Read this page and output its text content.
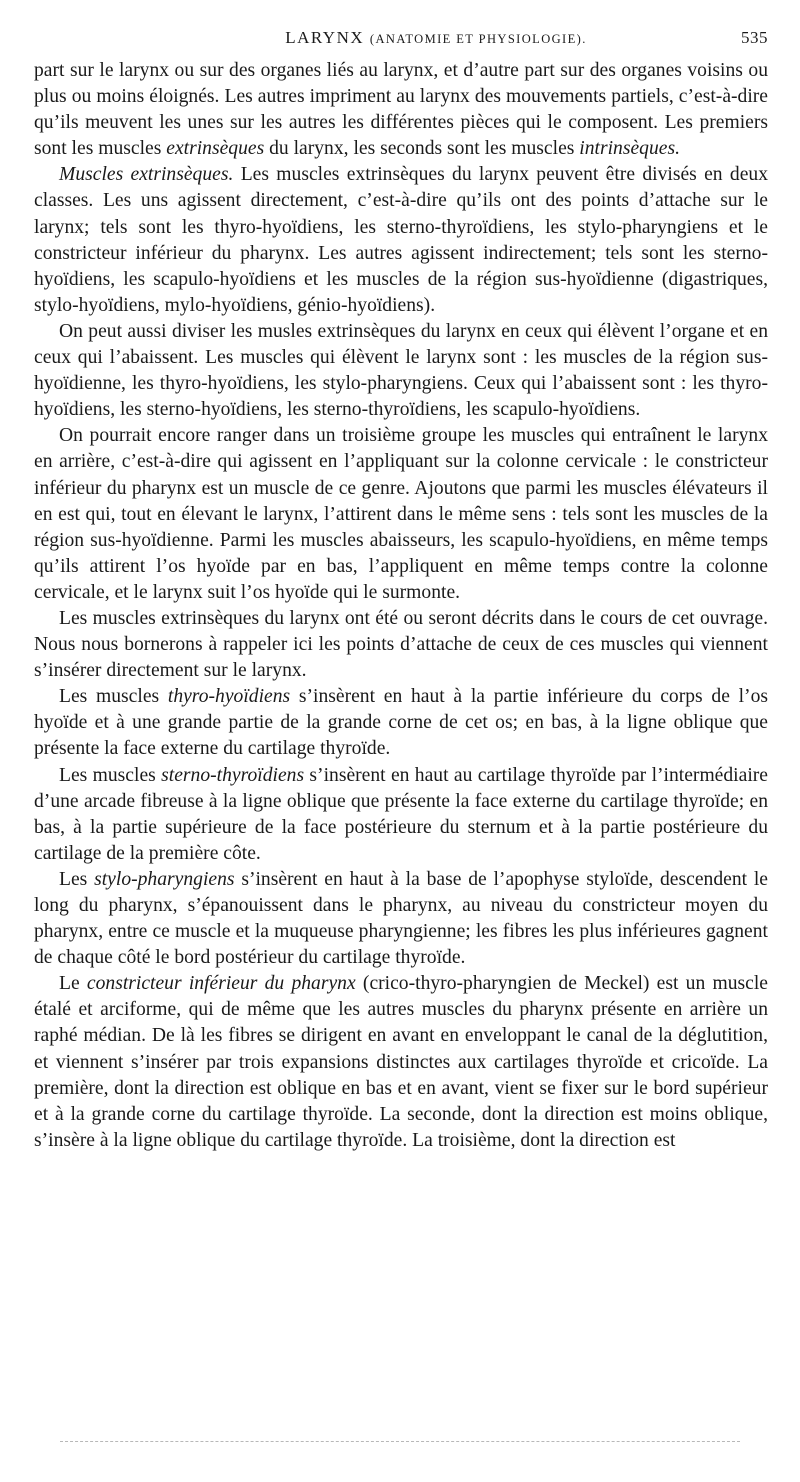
LARYNX (ANATOMIE ET PHYSIOLOGIE).	535

part sur le larynx ou sur des organes liés au larynx, et d’autre part sur des organes voisins ou plus ou moins éloignés. Les autres impriment au larynx des mouvements partiels, c’est-à-dire qu’ils meuvent les unes sur les autres les différentes pièces qui le composent. Les premiers sont les muscles extrinsèques du larynx, les seconds sont les muscles intrinsèques.

Muscles extrinsèques. Les muscles extrinsèques du larynx peuvent être divisés en deux classes. Les uns agissent directement, c’est-à-dire qu’ils ont des points d’attache sur le larynx; tels sont les thyro-hyoïdiens, les sterno-thyroïdiens, les stylo-pharyngiens et le constricteur inférieur du pharynx. Les autres agissent indirectement; tels sont les sterno-hyoïdiens, les scapulo-hyoïdiens et les muscles de la région sus-hyoïdienne (digastriques, stylo-hyoïdiens, mylo-hyoïdiens, génio-hyoïdiens).

On peut aussi diviser les musles extrinsèques du larynx en ceux qui élèvent l’organe et en ceux qui l’abaissent. Les muscles qui élèvent le larynx sont : les muscles de la région sus-hyoïdienne, les thyro-hyoïdiens, les stylo-pharyngiens. Ceux qui l’abaissent sont : les thyro-hyoïdiens, les sterno-hyoïdiens, les sterno-thyroïdiens, les scapulo-hyoïdiens.

On pourrait encore ranger dans un troisième groupe les muscles qui entraînent le larynx en arrière, c’est-à-dire qui agissent en l’appliquant sur la colonne cervicale : le constricteur inférieur du pharynx est un muscle de ce genre. Ajoutons que parmi les muscles élévateurs il en est qui, tout en élevant le larynx, l’attirent dans le même sens : tels sont les muscles de la région sus-hyoïdienne. Parmi les muscles abaisseurs, les scapulo-hyoïdiens, en même temps qu’ils attirent l’os hyoïde par en bas, l’appliquent en même temps contre la colonne cervicale, et le larynx suit l’os hyoïde qui le surmonte.

Les muscles extrinsèques du larynx ont été ou seront décrits dans le cours de cet ouvrage. Nous nous bornerons à rappeler ici les points d’attache de ceux de ces muscles qui viennent s’insérer directement sur le larynx.

Les muscles thyro-hyoïdiens s’insèrent en haut à la partie inférieure du corps de l’os hyoïde et à une grande partie de la grande corne de cet os; en bas, à la ligne oblique que présente la face externe du cartilage thyroïde.

Les muscles sterno-thyroïdiens s’insèrent en haut au cartilage thyroïde par l’intermédiaire d’une arcade fibreuse à la ligne oblique que présente la face externe du cartilage thyroïde; en bas, à la partie supérieure de la face postérieure du sternum et à la partie postérieure du cartilage de la première côte.

Les stylo-pharyngiens s’insèrent en haut à la base de l’apophyse styloïde, descendent le long du pharynx, s’épanouissent dans le pharynx, au niveau du constricteur moyen du pharynx, entre ce muscle et la muqueuse pharyngienne; les fibres les plus inférieures gagnent de chaque côté le bord postérieur du cartilage thyroïde.

Le constricteur inférieur du pharynx (crico-thyro-pharyngien de Meckel) est un muscle étalé et arciforme, qui de même que les autres muscles du pharynx présente en arrière un raphé médian. De là les fibres se dirigent en avant en enveloppant le canal de la déglutition, et viennent s’insérer par trois expansions distinctes aux cartilages thyroïde et cricoïde. La première, dont la direction est oblique en bas et en avant, vient se fixer sur le bord supérieur et à la grande corne du cartilage thyroïde. La seconde, dont la direction est moins oblique, s’insère à la ligne oblique du cartilage thyroïde. La troisième, dont la direction est
